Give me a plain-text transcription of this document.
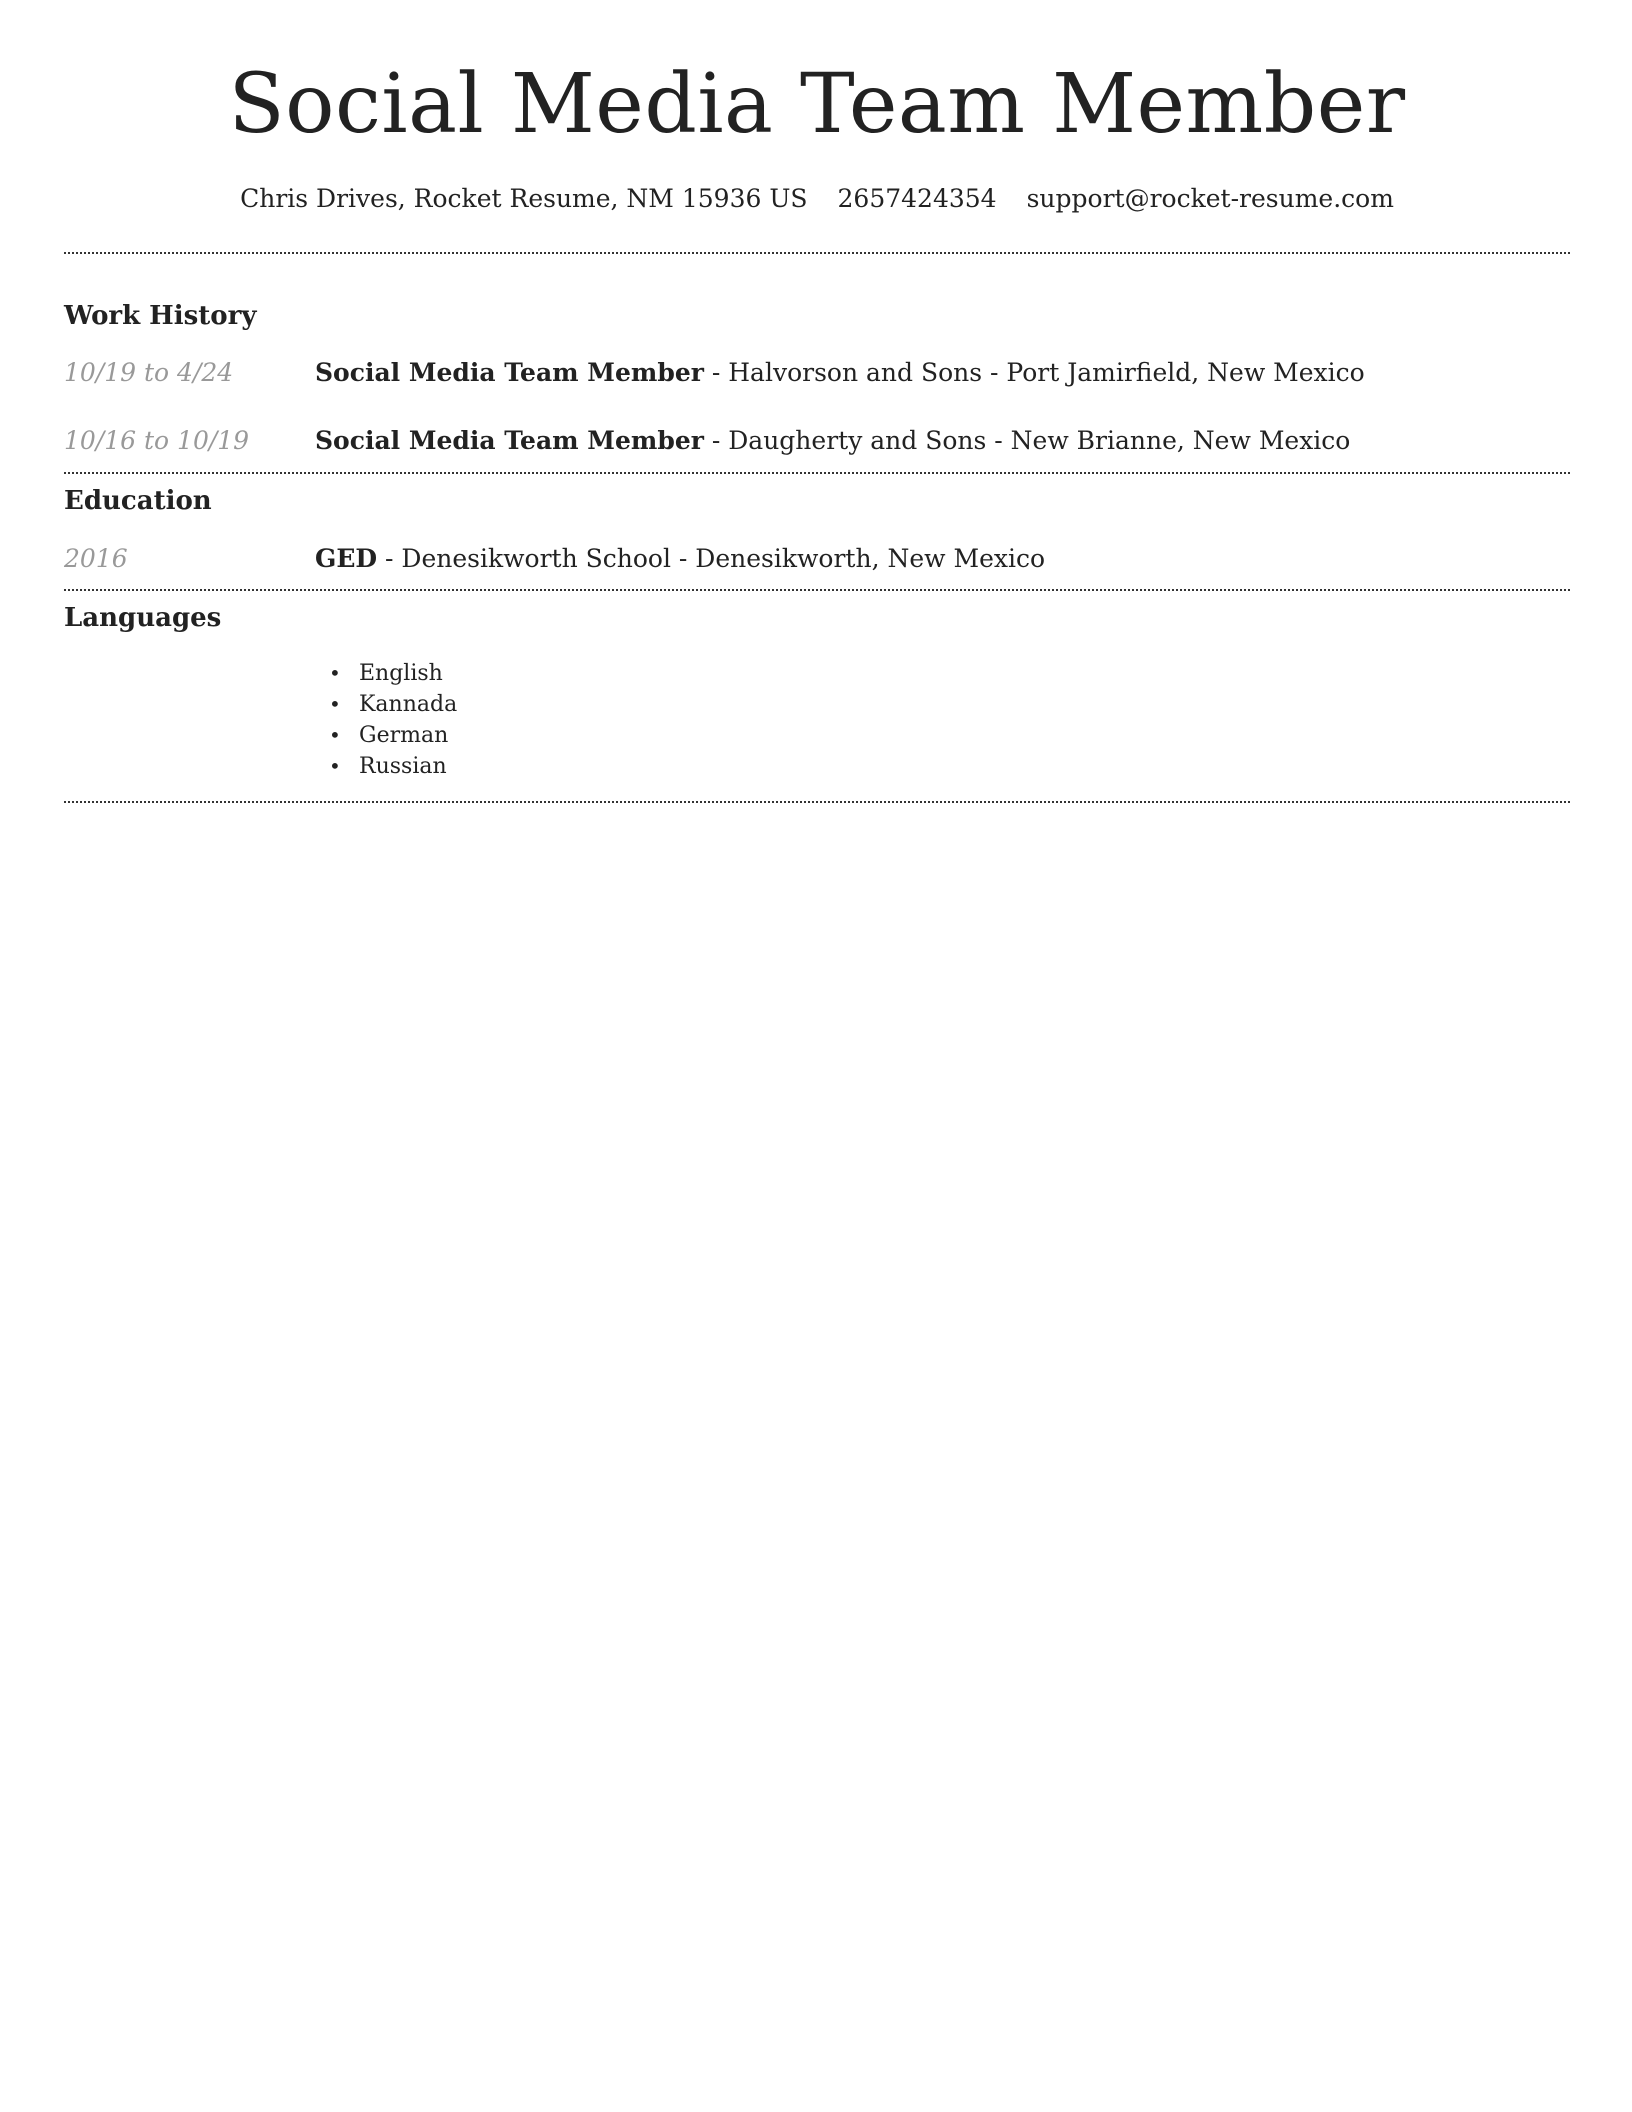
Social Media Team Member
Chris Drives, Rocket Resume, NM 15936 US 2657424354 support@rocket-resume.com
Work History
10/19 to 4/24	Social Media Team Member - Halvorson and Sons - Port Jamirfield, New Mexico
10/16 to 10/19	Social Media Team Member - Daugherty and Sons - New Brianne, New Mexico
Education
2016	GED - Denesikworth School - Denesikworth, New Mexico
Languages
• English
• Kannada
• German
• Russian
